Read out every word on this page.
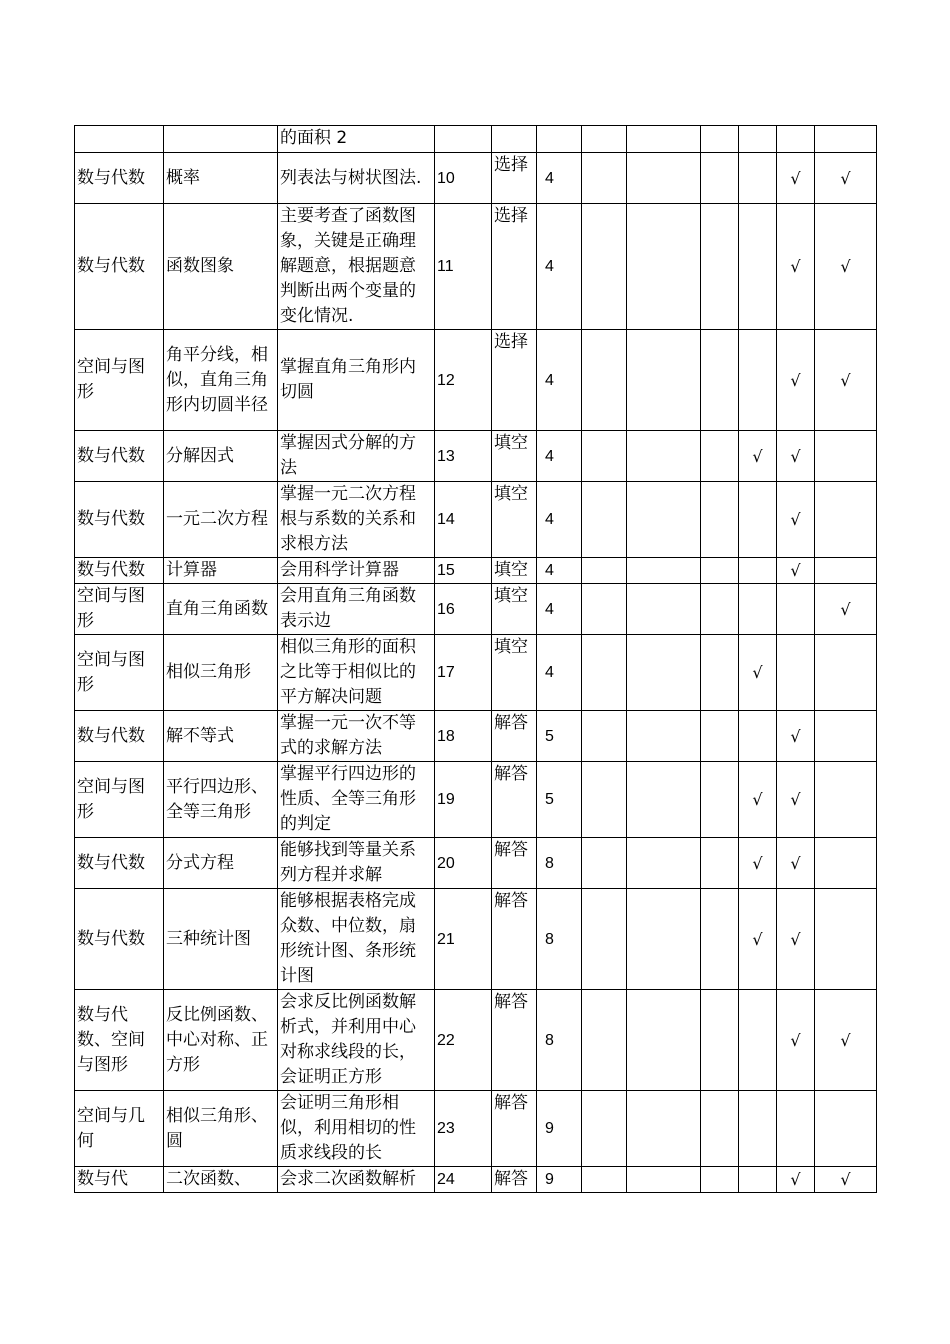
		的面积 2									
数与代数	概率	列表法与树状图法.	10	选择	4					√	√
数与代数	函数图象	主要考查了函数图象，关键是正确理解题意，根据题意判断出两个变量的变化情况.	11	选择	4					√	√
空间与图形	角平分线，相似，直角三角形内切圆半径	掌握直角三角形内切圆	12	选择	4					√	√
数与代数	分解因式	掌握因式分解的方法	13	填空	4				√	√	
数与代数	一元二次方程	掌握一元二次方程根与系数的关系和求根方法	14	填空	4					√	
数与代数	计算器	会用科学计算器	15	填空	4					√	
空间与图形	直角三角函数	会用直角三角函数表示边	16	填空	4						√
空间与图形	相似三角形	相似三角形的面积之比等于相似比的平方解决问题	17	填空	4				√		
数与代数	解不等式	掌握一元一次不等式的求解方法	18	解答	5					√	
空间与图形	平行四边形、全等三角形	掌握平行四边形的性质、全等三角形的判定	19	解答	5				√	√	
数与代数	分式方程	能够找到等量关系列方程并求解	20	解答	8				√	√	
数与代数	三种统计图	能够根据表格完成众数、中位数，扇形统计图、条形统计图	21	解答	8				√	√	
数与代数、空间与图形	反比例函数、中心对称、正方形	会求反比例函数解析式，并利用中心对称求线段的长，会证明正方形	22	解答	8					√	√
空间与几何	相似三角形、圆	会证明三角形相似，利用相切的性质求线段的长	23	解答	9						
数与代	二次函数、	会求二次函数解析	24	解答	9					√	√
